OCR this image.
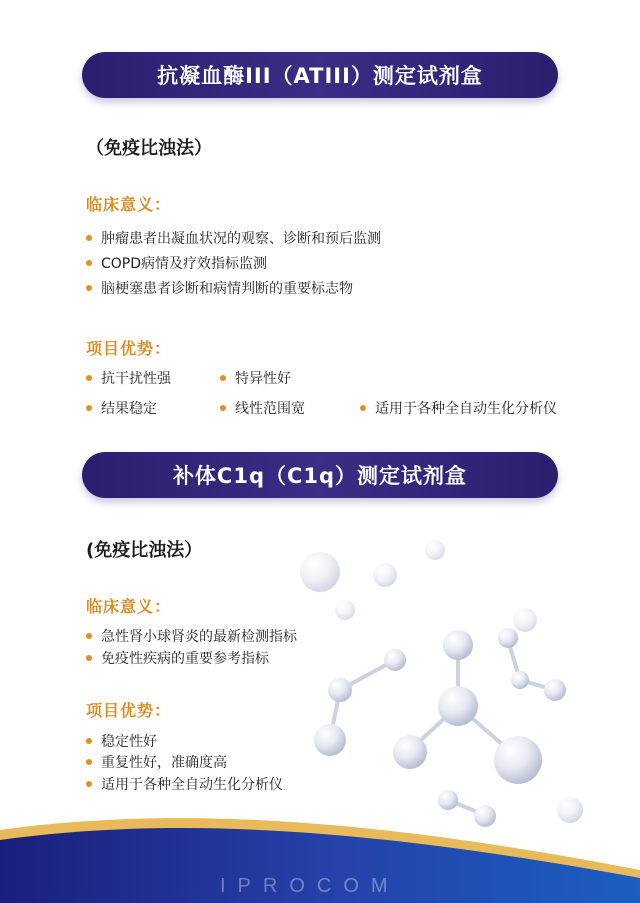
抗凝血酶III（ATIII）测定试剂盒
（免疫比浊法）
临床意义：
肿瘤患者出凝血状况的观察、诊断和预后监测
COPD病情及疗效指标监测
脑梗塞患者诊断和病情判断的重要标志物
项目优势：
抗干扰性强	特异性好
结果稳定	线性范围宽	适用于各种全自动生化分析仪
补体C1q（C1q）测定试剂盒
(免疫比浊法）
临床意义：
急性肾小球肾炎的最新检测指标
免疫性疾病的重要参考指标
项目优势：
稳定性好
重复性好，准确度高
适用于各种全自动生化分析仪
IPROCOM
